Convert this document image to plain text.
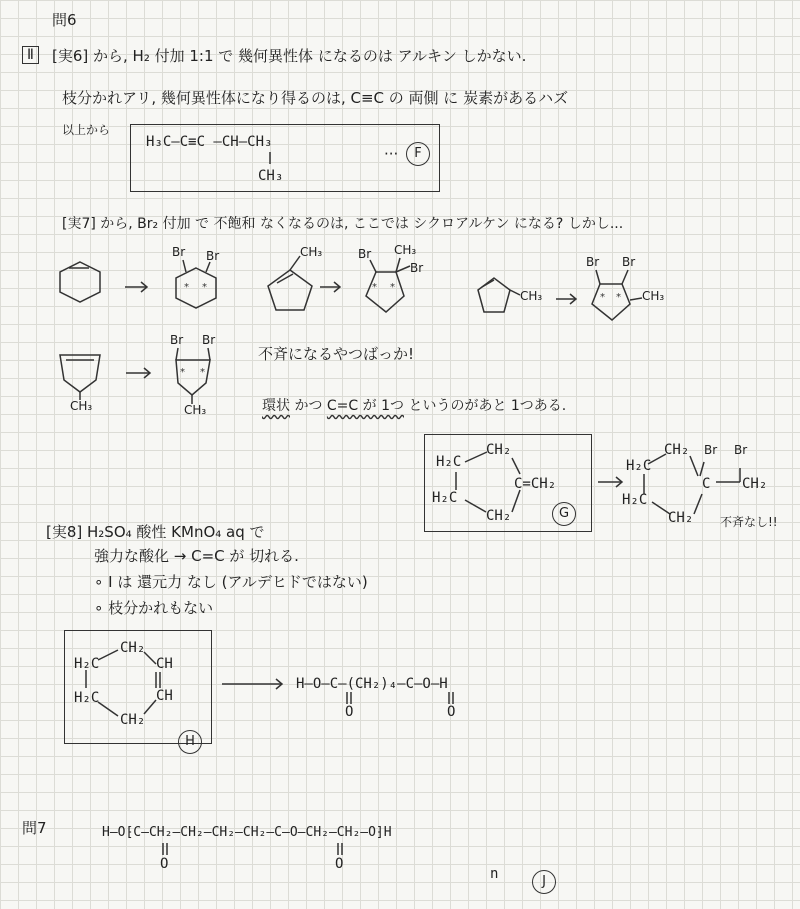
* *	* *
* *
* *
問6
Ⅱ	[実6] から, H₂ 付加 1:1 で 幾何異性体 になるのは アルキン しかない.
枝分かれアリ, 幾何異性体になり得るのは, C≡C の 両側 に 炭素があるハズ
以上から
H₃C—C≡C —CH—CH₃
CH₃
···	F
[実7] から, Br₂ 付加 で 不飽和 なくなるのは, ここでは シクロアルケン になる? しかし...
Br Br	CH₃	Br CH₃
Br
CH₃
Br Br
CH₃
CH₃
Br Br
CH₃
不斉になるやつばっか!
環状 かつ C=C が 1つ というのがあと 1つある.
H₂C
CH₂
C=CH₂
H₂C
CH₂	G
H₂C
CH₂ Br Br
C CH₂
H₂C
CH₂ 不斉なし!!
[実8] H₂SO₄ 酸性 KMnO₄ aq で
強力な酸化 → C=C が 切れる.
∘ I は 還元力 なし (アルデヒドではない)
∘ 枝分かれもない
CH₂
H₂C	CH
H₂C	CH
CH₂
H
H—O—C—(CH₂)₄—C—O—H
O	O
問7	H—O⁅C—CH₂—CH₂—CH₂—CH₂—C—O—CH₂—CH₂—O⁆H
O	O
n	J
